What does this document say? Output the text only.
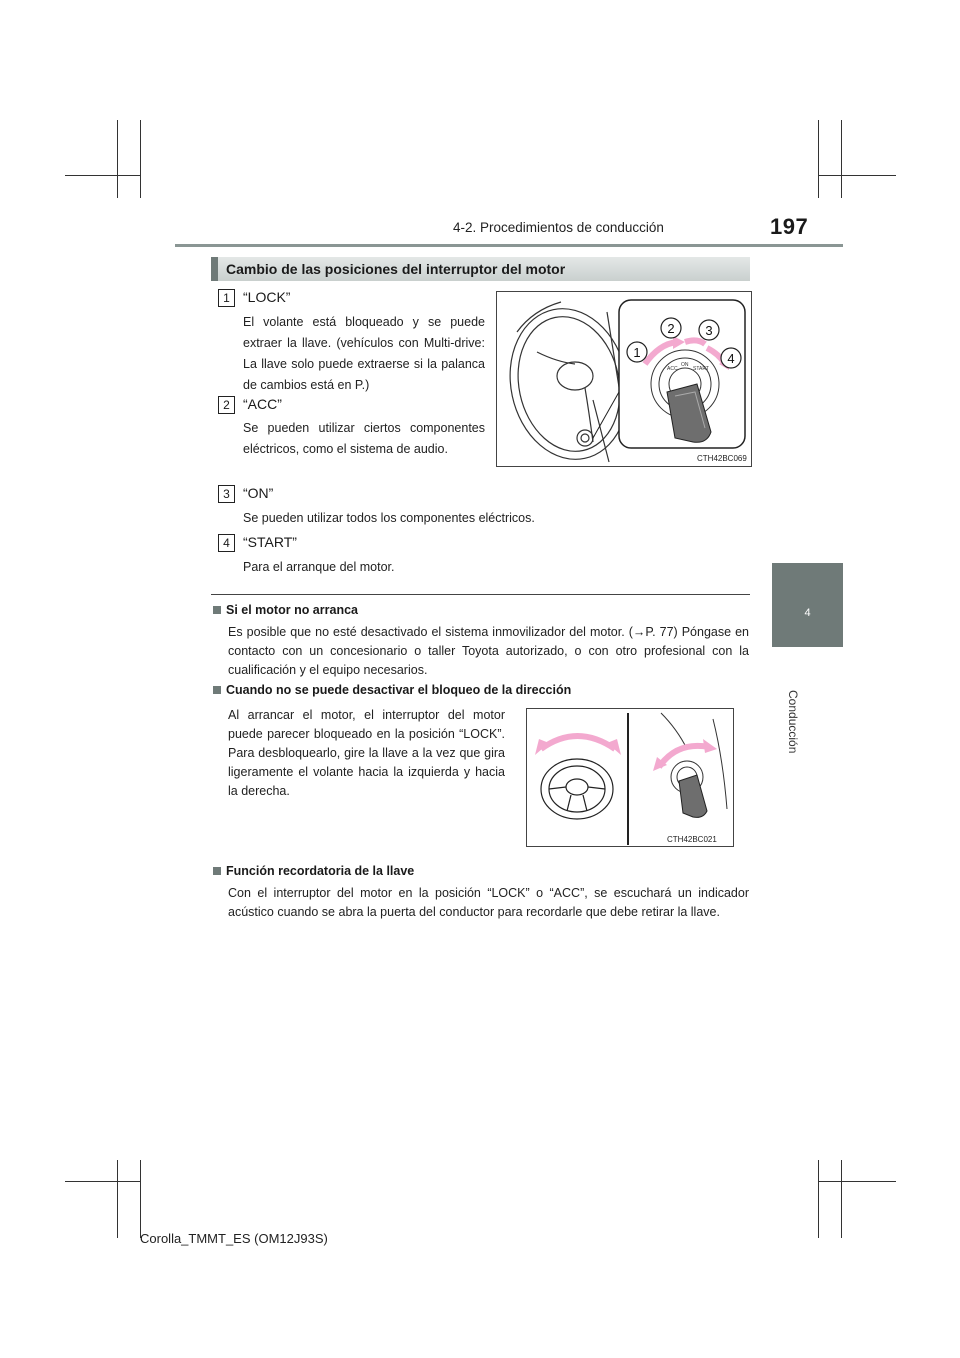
4-2. Procedimientos de conducción	197
4
Conducción
Cambio de las posiciones del interruptor del motor
1 “LOCK”
El volante está bloqueado y se puede extraer la llave. (vehículos con Multi-drive: La llave solo puede extraerse si la palanca de cambios está en P.)
2 “ACC”
Se pueden utilizar ciertos componentes eléctricos, como el sistema de audio.
3 “ON”
Se pueden utilizar todos los componentes eléctricos.
4 “START”
Para el arranque del motor.
ACC
ON
START
1
2 3
4
CTH42BC069
Si el motor no arranca
Es posible que no esté desactivado el sistema inmovilizador del motor. (→P. 77) Póngase en contacto con un concesionario o taller Toyota autorizado, o con otro profesional con la cualificación y el equipo necesarios.
Cuando no se puede desactivar el bloqueo de la dirección
Al arrancar el motor, el interruptor del motor puede parecer bloqueado en la posición “LOCK”. Para desbloquearlo, gire la llave a la vez que gira ligeramente el volante hacia la izquierda y hacia la derecha.
CTH42BC021
Función recordatoria de la llave
Con el interruptor del motor en la posición “LOCK” o “ACC”, se escuchará un indicador acústico cuando se abra la puerta del conductor para recordarle que debe retirar la llave.
Corolla_TMMT_ES (OM12J93S)
